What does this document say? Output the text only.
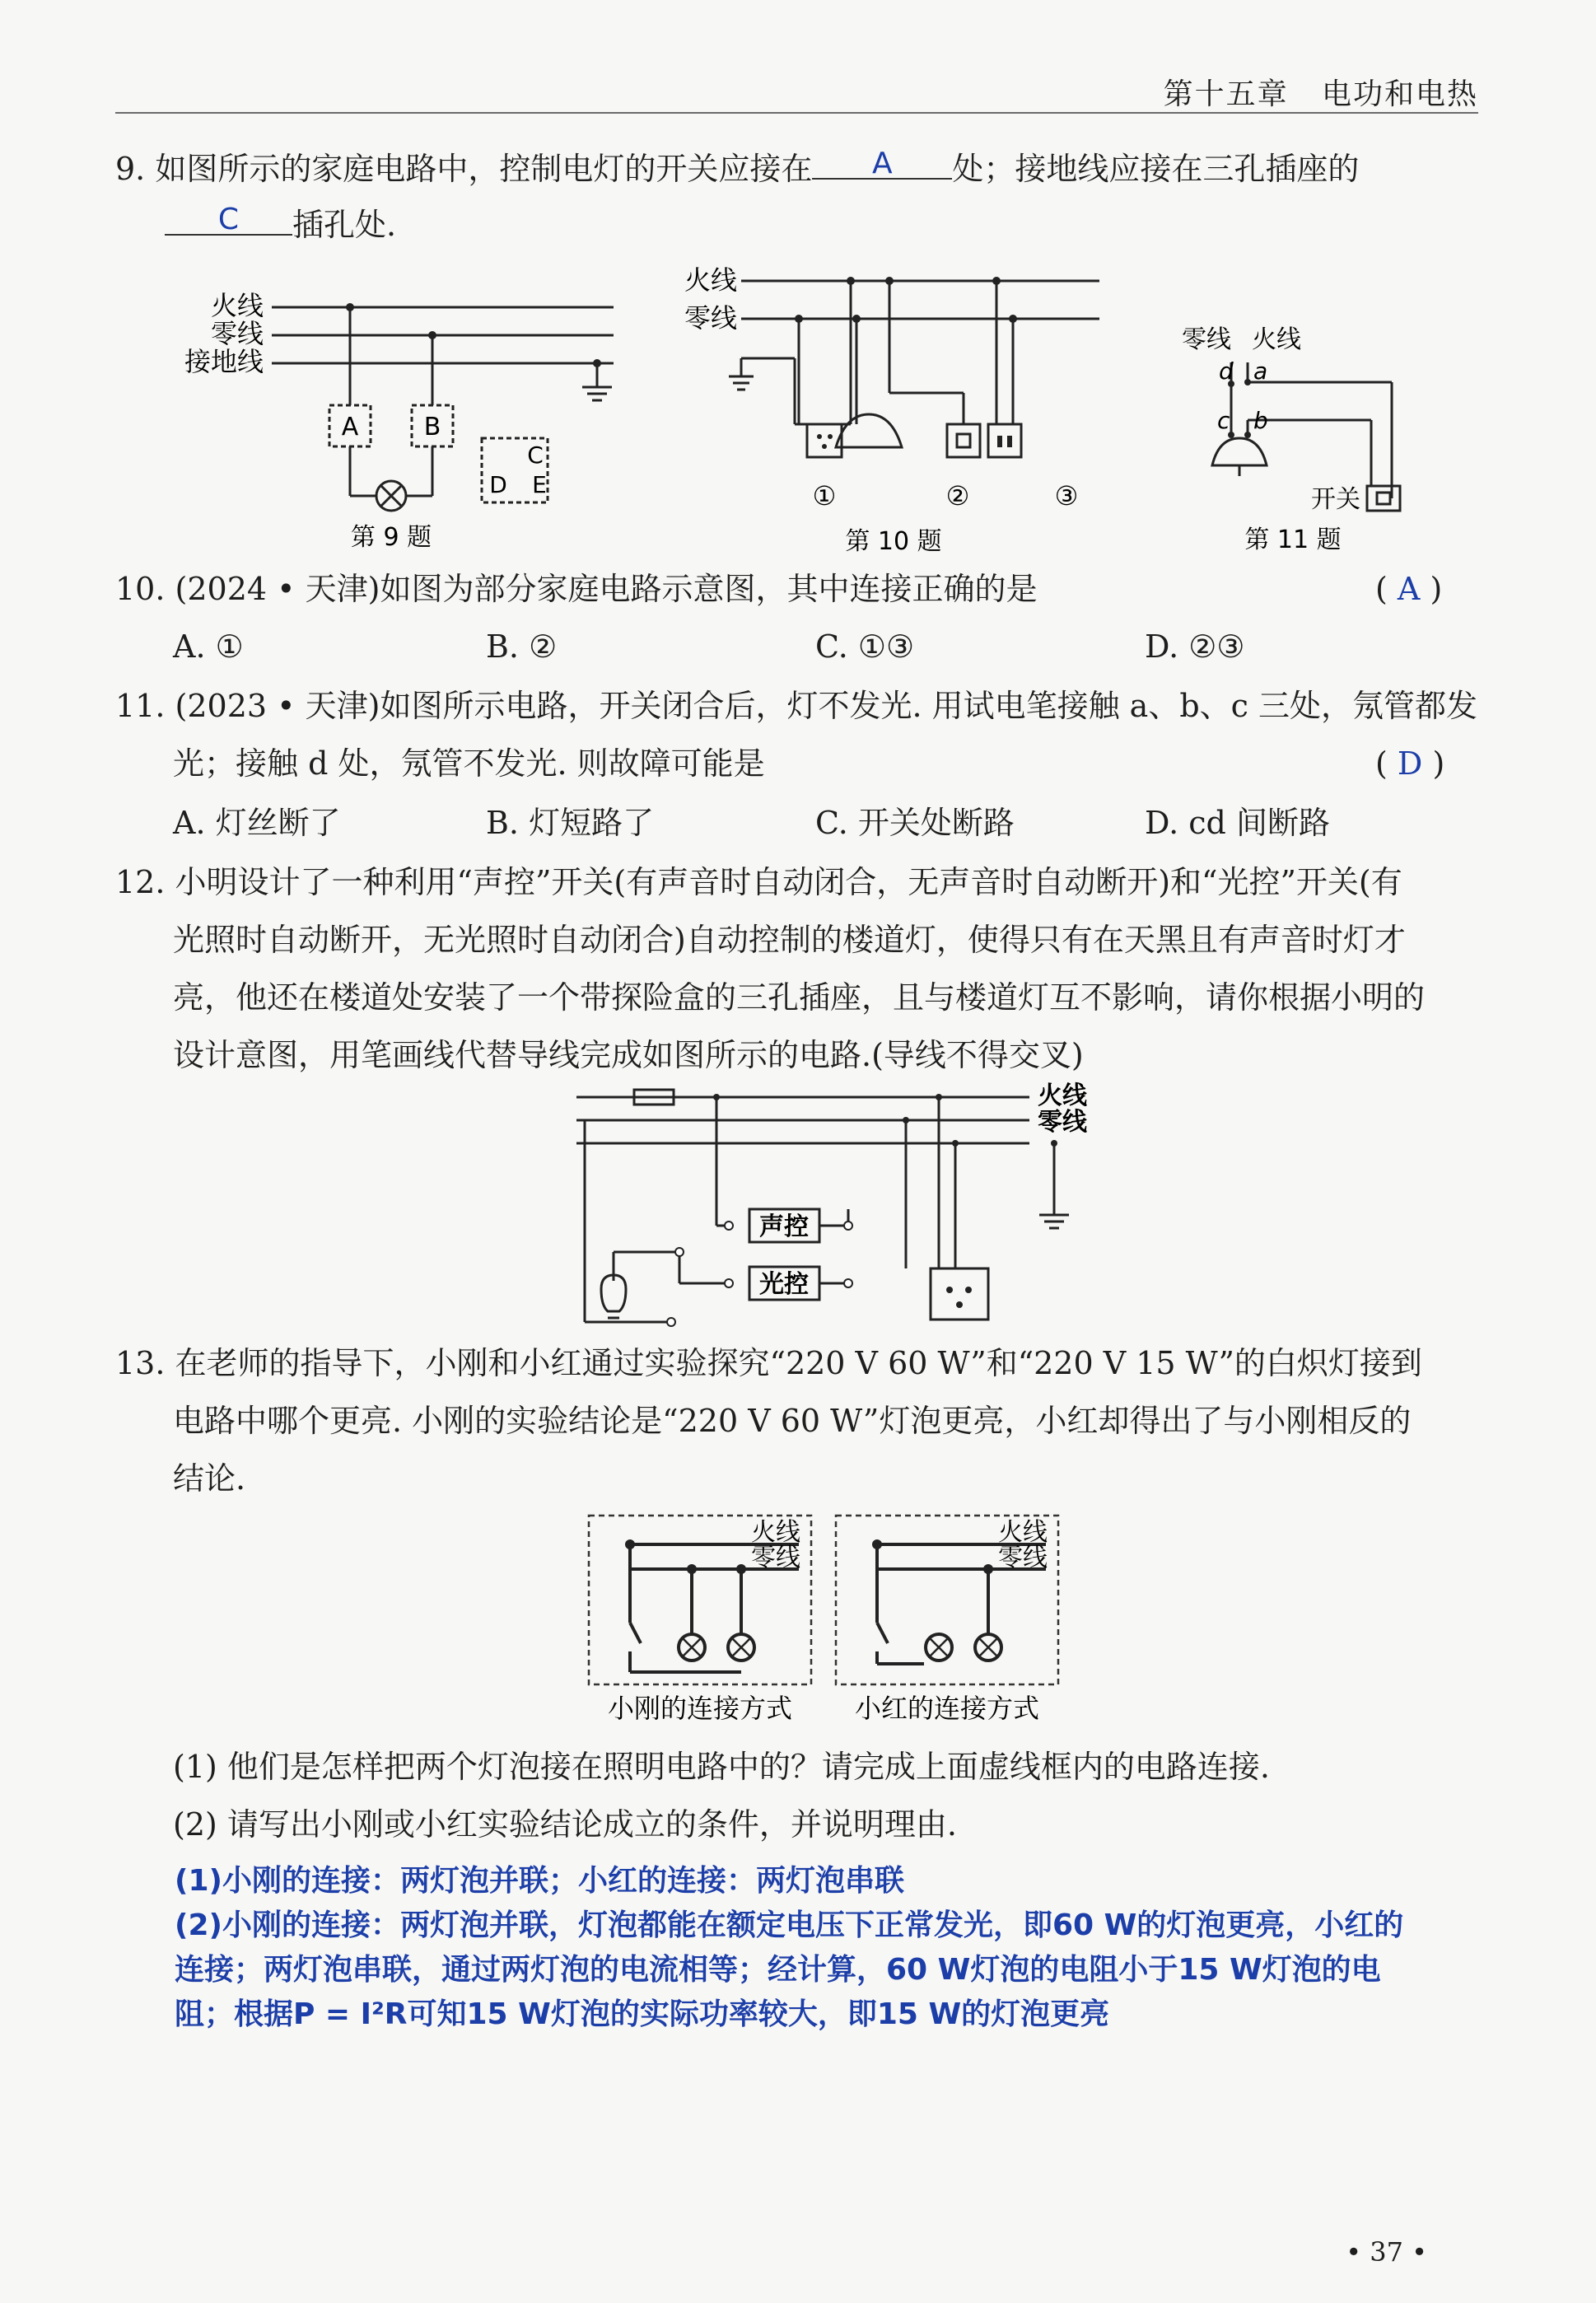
第十五章 电功和电热
9. 如图所示的家庭电路中，控制电灯的开关应接在	A	处；接地线应接在三孔插座的
C	插孔处.
火线
零线
接地线
A	B
C
D E
第 9 题
火线
零线
①	②	③
第 10 题
零线 火线
d a
c b
开关
第 11 题
10. (2024 • 天津)如图为部分家庭电路示意图，其中连接正确的是	( A )
A. ①	B. ②	C. ①③	D. ②③
11. (2023 • 天津)如图所示电路，开关闭合后，灯不发光. 用试电笔接触 a、b、c 三处，氖管都发
光；接触 d 处，氖管不发光. 则故障可能是	( D )
A. 灯丝断了	B. 灯短路了	C. 开关处断路	D. cd 间断路
12. 小明设计了一种利用“声控”开关(有声音时自动闭合，无声音时自动断开)和“光控”开关(有
光照时自动断开，无光照时自动闭合)自动控制的楼道灯，使得只有在天黑且有声音时灯才
亮，他还在楼道处安装了一个带探险盒的三孔插座，且与楼道灯互不影响，请你根据小明的
设计意图，用笔画线代替导线完成如图所示的电路.(导线不得交叉)
火线
零线
声控
光控
13. 在老师的指导下，小刚和小红通过实验探究“220 V 60 W”和“220 V 15 W”的白炽灯接到
电路中哪个更亮. 小刚的实验结论是“220 V 60 W”灯泡更亮，小红却得出了与小刚相反的
结论.
火线
零线
火线
零线
小刚的连接方式 小红的连接方式
(1) 他们是怎样把两个灯泡接在照明电路中的？请完成上面虚线框内的电路连接.
(2) 请写出小刚或小红实验结论成立的条件，并说明理由.
(1)小刚的连接：两灯泡并联；小红的连接：两灯泡串联
(2)小刚的连接：两灯泡并联，灯泡都能在额定电压下正常发光，即60 W的灯泡更亮，小红的
连接；两灯泡串联，通过两灯泡的电流相等；经计算，60 W灯泡的电阻小于15 W灯泡的电
阻；根据P = I²R可知15 W灯泡的实际功率较大，即15 W的灯泡更亮
• 37 •
